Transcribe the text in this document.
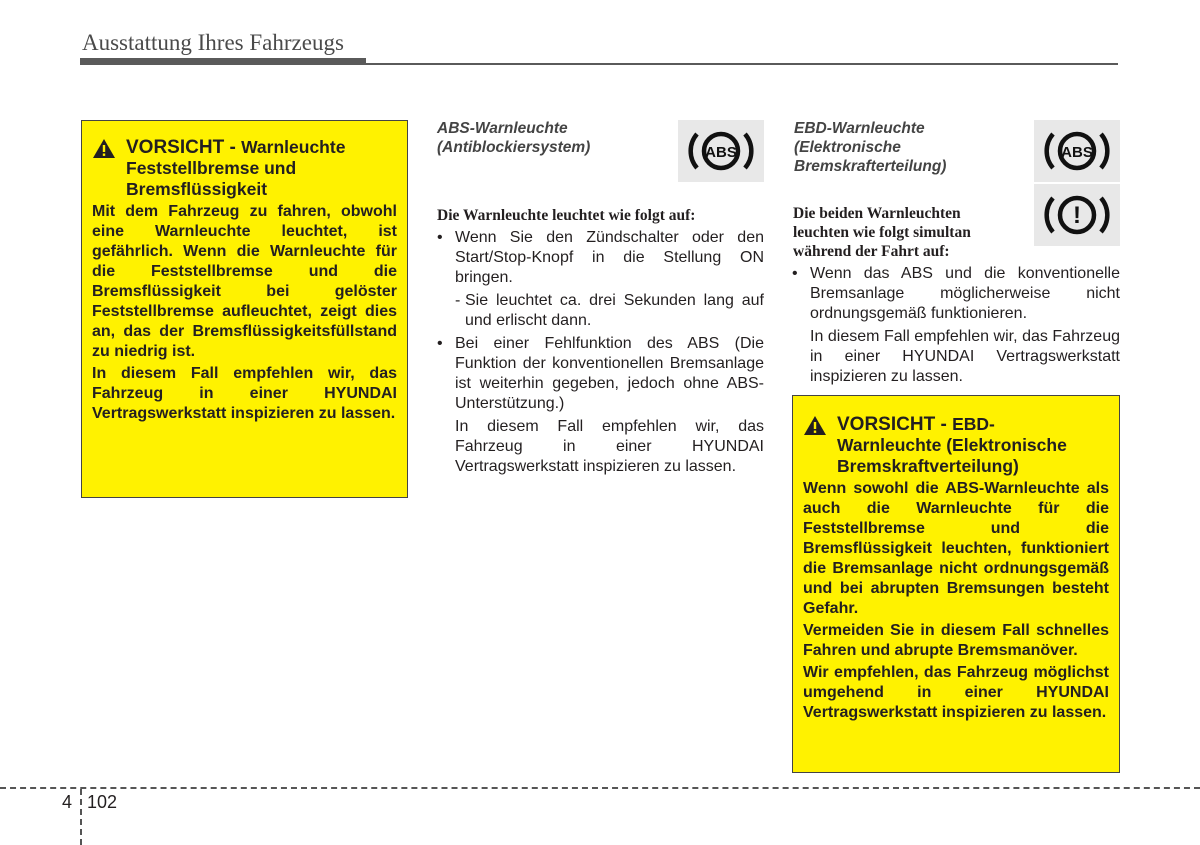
Ausstattung Ihres Fahrzeugs
VORSICHT - Warnleuchte
Feststellbremse und
Bremsflüssigkeit

Mit dem Fahrzeug zu fahren, obwohl eine Warnleuchte leuchtet, ist gefährlich. Wenn die Warnleuchte für die Feststellbremse und die Bremsflüssigkeit bei gelöster Feststellbremse aufleuchtet, zeigt dies an, das der Bremsflüssigkeitsfüllstand zu niedrig ist.

In diesem Fall empfehlen wir, das Fahrzeug in einer HYUNDAI Vertragswerkstatt inspizieren zu lassen.

ABS-Warnleuchte
(Antiblockiersystem)	ABS
Die Warnleuchte leuchtet wie folgt auf:
• Wenn Sie den Zündschalter oder den Start/Stop-Knopf in die Stellung ON bringen.
- Sie leuchtet ca. drei Sekunden lang auf und erlischt dann.
• Bei einer Fehlfunktion des ABS (Die Funktion der konventionellen Bremsanlage ist weiterhin gegeben, jedoch ohne ABS-Unterstützung.)
In diesem Fall empfehlen wir, das Fahrzeug in einer HYUNDAI Vertragswerkstatt inspizieren zu lassen.
EBD-Warnleuchte
(Elektronische
Bremskrafterteilung)
ABS
!
Die beiden Warnleuchten
leuchten wie folgt simultan
während der Fahrt auf:
• Wenn das ABS und die konventionelle Bremsanlage möglicherweise nicht ordnungsgemäß funktionieren.
In diesem Fall empfehlen wir, das Fahrzeug in einer HYUNDAI Vertragswerkstatt inspizieren zu lassen.
VORSICHT - EBD-
Warnleuchte (Elektronische
Bremskraftverteilung)

Wenn sowohl die ABS-Warnleuchte als auch die Warnleuchte für die Feststellbremse und die Bremsflüssigkeit leuchten, funktioniert die Bremsanlage nicht ordnungsgemäß und bei abrupten Bremsungen besteht Gefahr.

Vermeiden Sie in diesem Fall schnelles Fahren und abrupte Bremsmanöver.

Wir empfehlen, das Fahrzeug möglichst umgehend in einer HYUNDAI Vertragswerkstatt inspizieren zu lassen.

4 102
